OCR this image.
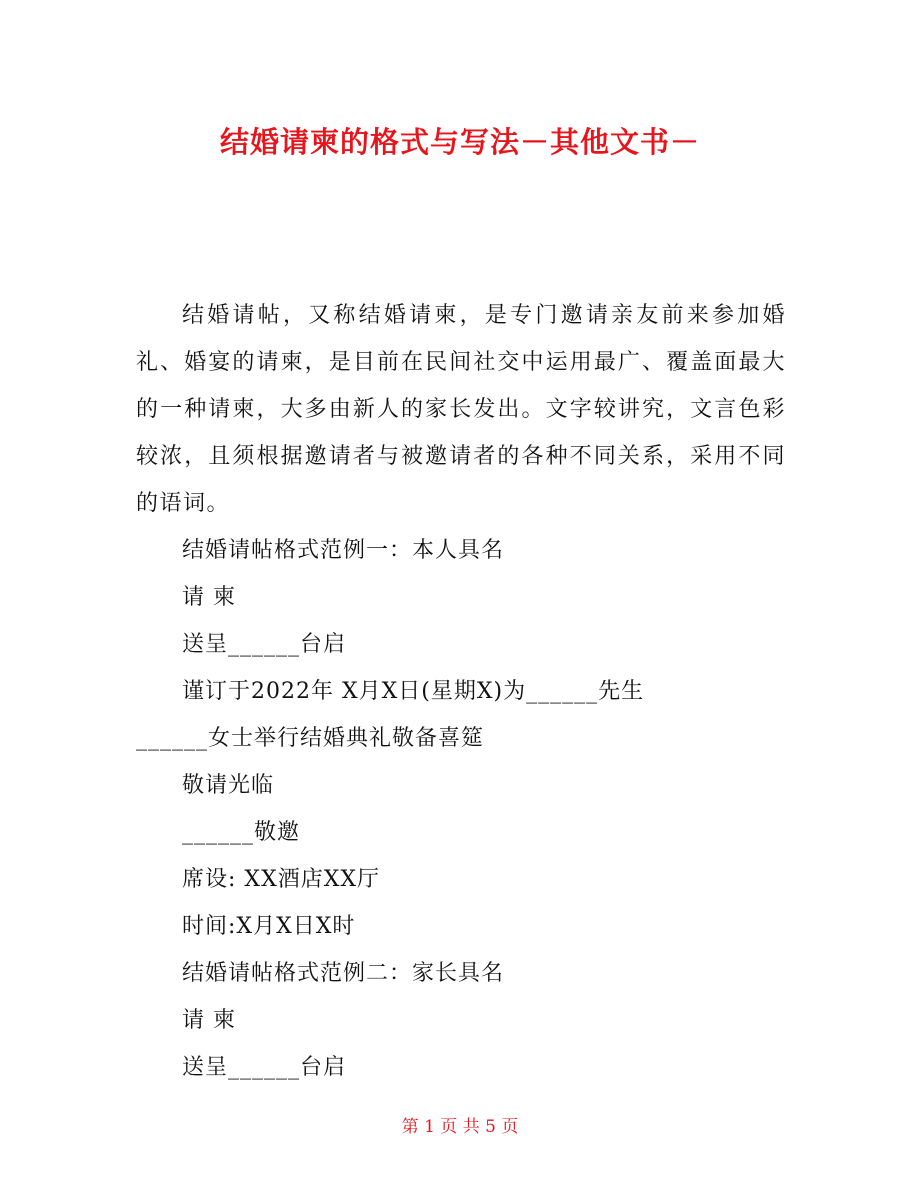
结婚请柬的格式与写法－其他文书－

结婚请帖，又称结婚请柬，是专门邀请亲友前来参加婚礼、婚宴的请柬，是目前在民间社交中运用最广、覆盖面最大的一种请柬，大多由新人的家长发出。文字较讲究，文言色彩较浓，且须根据邀请者与被邀请者的各种不同关系，采用不同的语词。

结婚请帖格式范例一：本人具名
请 柬
送呈______台启
谨订于2022年 X月X日(星期X)为______先生
______女士举行结婚典礼敬备喜筵
敬请光临
______敬邀
席设: XX酒店XX厅
时间:X月X日X时
结婚请帖格式范例二：家长具名
请 柬
送呈______台启
第 1 页 共 5 页
